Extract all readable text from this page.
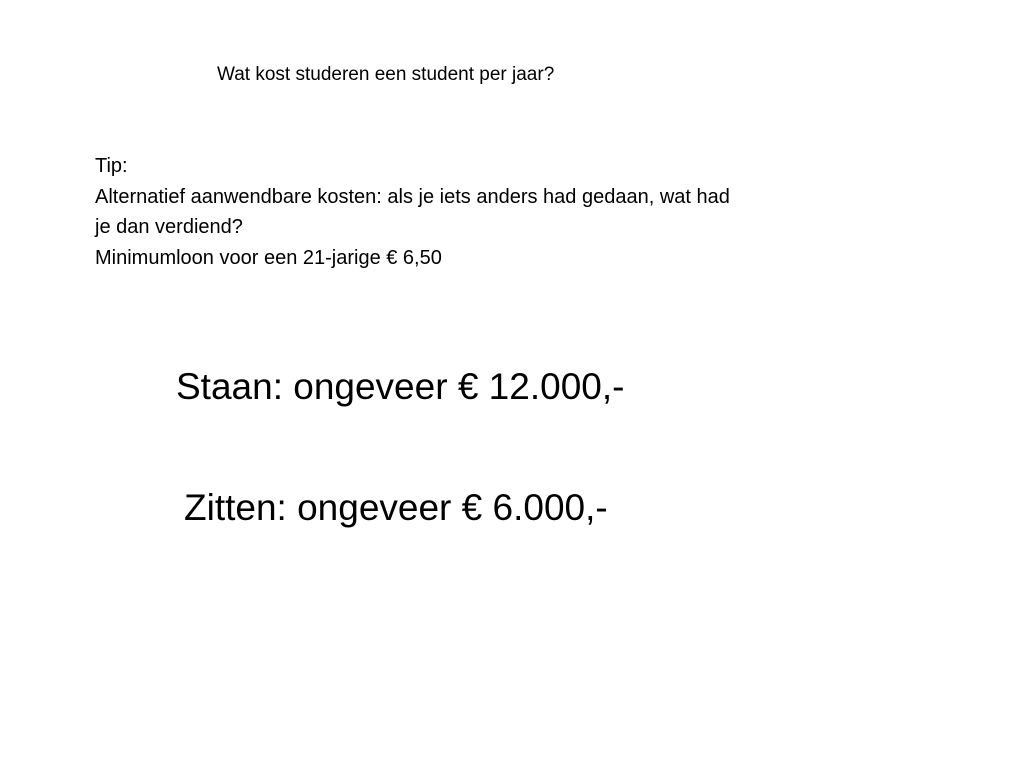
Wat kost studeren een student per jaar?
Tip:
Alternatief aanwendbare kosten: als je iets anders had gedaan, wat had
je dan verdiend?
Minimumloon voor een 21-jarige € 6,50
Staan: ongeveer € 12.000,-
Zitten: ongeveer € 6.000,-
